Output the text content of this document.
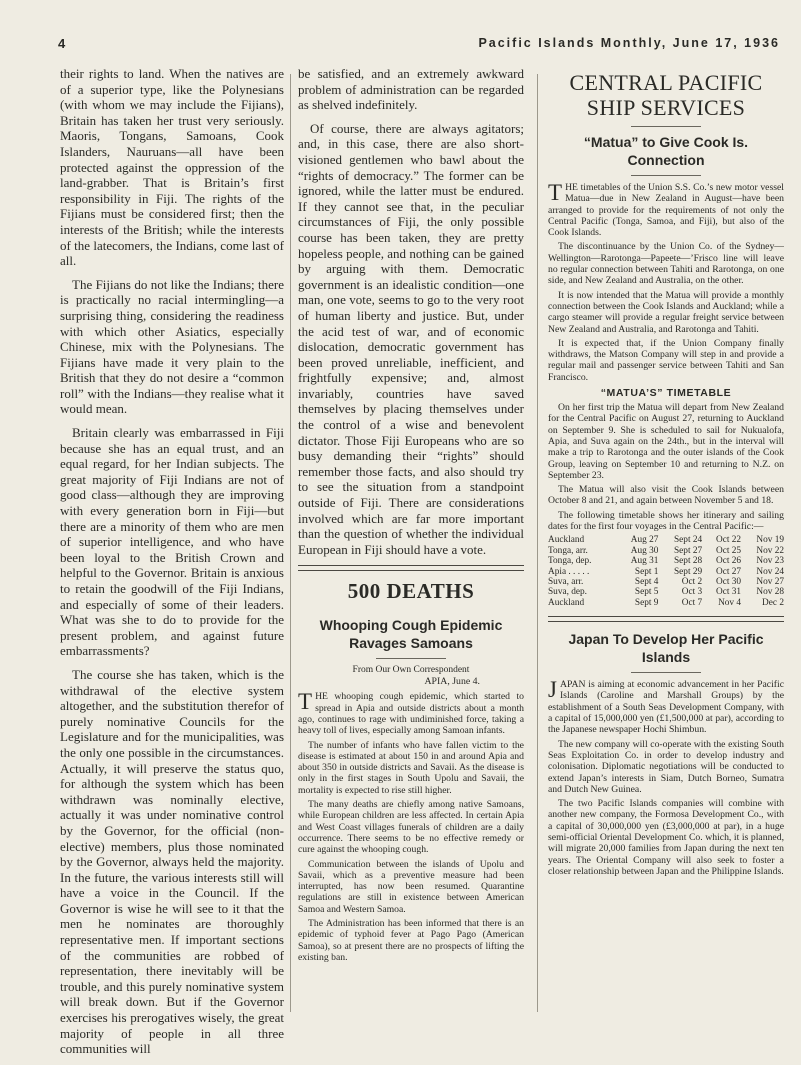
4	Pacific Islands Monthly, June 17, 1936

their rights to land. When the natives are of a superior type, like the Polynesians (with whom we may include the Fijians), Britain has taken her trust very seriously. Maoris, Tongans, Samoans, Cook Islanders, Nauruans—all have been protected against the oppression of the land-grabber. That is Britain’s first responsibility in Fiji. The rights of the Fijians must be considered first; then the interests of the British; while the interests of the latecomers, the Indians, come last of all.

The Fijians do not like the Indians; there is practically no racial intermingling—a surprising thing, considering the readiness with which other Asiatics, especially Chinese, mix with the Polynesians. The Fijians have made it very plain to the British that they do not desire a “common roll” with the Indians—they realise what it would mean.

Britain clearly was embarrassed in Fiji because she has an equal trust, and an equal regard, for her Indian subjects. The great majority of Fiji Indians are not of good class—although they are improving with every generation born in Fiji—but there are a minority of them who are men of superior intelligence, and who have been loyal to the British Crown and helpful to the Governor. Britain is anxious to retain the goodwill of the Fiji Indians, and especially of some of their leaders. What was she to do to provide for the present problem, and against future embarrassments?

The course she has taken, which is the withdrawal of the elective system altogether, and the substitution therefor of purely nominative Councils for the Legislature and for the municipalities, was the only one possible in the circumstances. Actually, it will preserve the status quo, for although the system which has been withdrawn was nominally elective, actually it was under nominative control by the Governor, for the official (non-elective) members, plus those nominated by the Governor, always held the majority. In the future, the various interests still will have a voice in the Council. If the Governor is wise he will see to it that the men he nominates are thoroughly representative men. If important sections of the communities are robbed of representation, there inevitably will be trouble, and this purely nominative system will break down. But if the Governor exercises his prerogatives wisely, the great majority of people in all three communities will

be satisfied, and an extremely awkward problem of administration can be regarded as shelved indefinitely.

Of course, there are always agitators; and, in this case, there are also short-visioned gentlemen who bawl about the “rights of democracy.” The former can be ignored, while the latter must be endured. If they cannot see that, in the peculiar circumstances of Fiji, the only possible course has been taken, they are pretty hopeless people, and nothing can be gained by arguing with them. Democratic government is an idealistic condition—one man, one vote, seems to go to the very root of human liberty and justice. But, under the acid test of war, and of economic dislocation, democratic government has been proved unreliable, inefficient, and frightfully expensive; and, almost invariably, countries have saved themselves by placing themselves under the control of a wise and benevolent dictator. Those Fiji Europeans who are so busy demanding their “rights” should remember those facts, and also should try to see the situation from a standpoint outside of Fiji. There are considerations involved which are far more important than the question of whether the individual European in Fiji should have a vote.

500 DEATHS
Whooping Cough Epidemic Ravages Samoans
From Our Own Correspondent
APIA, June 4.

THE whooping cough epidemic, which started to spread in Apia and outside districts about a month ago, continues to rage with undiminished force, taking a heavy toll of lives, especially among Samoan infants.

The number of infants who have fallen victim to the disease is estimated at about 150 in and around Apia and about 350 in outside districts and Savaii. As the disease is only in the first stages in South Upolu and Savaii, the mortality is expected to rise still higher.

The many deaths are chiefly among native Samoans, while European children are less affected. In certain Apia and West Coast villages funerals of children are a daily occurrence. There seems to be no effective remedy or cure against the whooping cough.

Communication between the islands of Upolu and Savaii, which as a preventive measure had been interrupted, has now been resumed. Quarantine regulations are still in existence between American Samoa and Western Samoa.

The Administration has been informed that there is an epidemic of typhoid fever at Pago Pago (American Samoa), so at present there are no prospects of lifting the existing ban.

CENTRAL PACIFIC
SHIP SERVICES
“Matua” to Give Cook Is. Connection

THE timetables of the Union S.S. Co.’s new motor vessel Matua—due in New Zealand in August—have been arranged to provide for the requirements of not only the Central Pacific (Tonga, Samoa, and Fiji), but also of the Cook Islands.

The discontinuance by the Union Co. of the Sydney—Wellington—Rarotonga—Papeete—’Frisco line will leave no regular connection between Tahiti and Rarotonga, on one side, and New Zealand and Australia, on the other.

It is now intended that the Matua will provide a monthly connection between the Cook Islands and Auckland; while a cargo steamer will provide a regular freight service between New Zealand and Australia, and Rarotonga and Tahiti.

It is expected that, if the Union Company finally withdraws, the Matson Company will step in and provide a regular mail and passenger service between Tahiti and San Francisco.

“MATUA’S” TIMETABLE

On her first trip the Matua will depart from New Zealand for the Central Pacific on August 27, returning to Auckland on September 9. She is scheduled to sail for Nukualofa, Apia, and Suva again on the 24th., but in the interval will make a trip to Rarotonga and the outer islands of the Cook Group, leaving on September 10 and returning to N.Z. on September 23.

The Matua will also visit the Cook Islands between October 8 and 21, and again between November 5 and 18.

The following timetable shows her itinerary and sailing dates for the first four voyages in the Central Pacific:—

Auckland	Aug 27	Sept 24	Oct 22	Nov 19
Tonga, arr.	Aug 30	Sept 27	Oct 25	Nov 22
Tonga, dep.	Aug 31	Sept 28	Oct 26	Nov 23
Apia . . . . .	Sept 1	Sept 29	Oct 27	Nov 24
Suva, arr.	Sept 4	Oct 2	Oct 30	Nov 27
Suva, dep.	Sept 5	Oct 3	Oct 31	Nov 28
Auckland	Sept 9	Oct 7	Nov 4	Dec 2
Japan To Develop Her Pacific Islands

JAPAN is aiming at economic advancement in her Pacific Islands (Caroline and Marshall Groups) by the establishment of a South Seas Development Company, with a capital of 15,000,000 yen (£1,500,000 at par), according to the Japanese newspaper Hochi Shimbun.

The new company will co-operate with the existing South Seas Exploitation Co. in order to develop industry and colonisation. Diplomatic negotiations will be conducted to extend Japan’s interests in Siam, Dutch Borneo, Sumatra and Dutch New Guinea.

The two Pacific Islands companies will combine with another new company, the Formosa Development Co., with a capital of 30,000,000 yen (£3,000,000 at par), in a huge semi-official Oriental Development Co. which, it is planned, will migrate 20,000 families from Japan during the next ten years. The Oriental Company will also seek to foster a closer relationship between Japan and the Philippine Islands.
